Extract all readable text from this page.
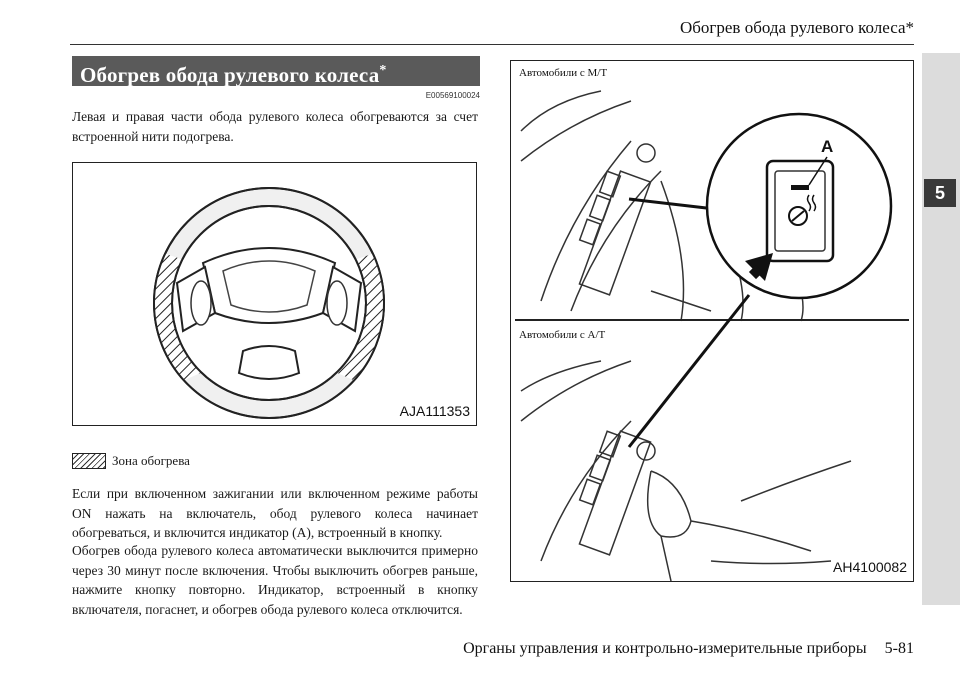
Обогрев обода рулевого колеса*
5
Обогрев обода рулевого колеса*
E00569100024

Левая и правая части обода рулевого колеса обогреваются за счет встроенной нити подогрева.

AJA111353
Зона обогрева

Если при включенном зажигании или включенном режиме работы ON нажать на включатель, обод рулевого колеса начинает обогреваться, и включится индикатор (A), встроенный в кнопку.

Обогрев обода рулевого колеса автоматически выключится примерно через 30 минут после включения. Чтобы выключить обогрев раньше, нажмите кнопку повторно. Индикатор, встроенный в кнопку включателя, погаснет, и обогрев обода рулевого колеса отключится.

Автомобили с M/T
Автомобили с A/T
A
AH4100082
Органы управления и контрольно-измерительные приборы 5-81
